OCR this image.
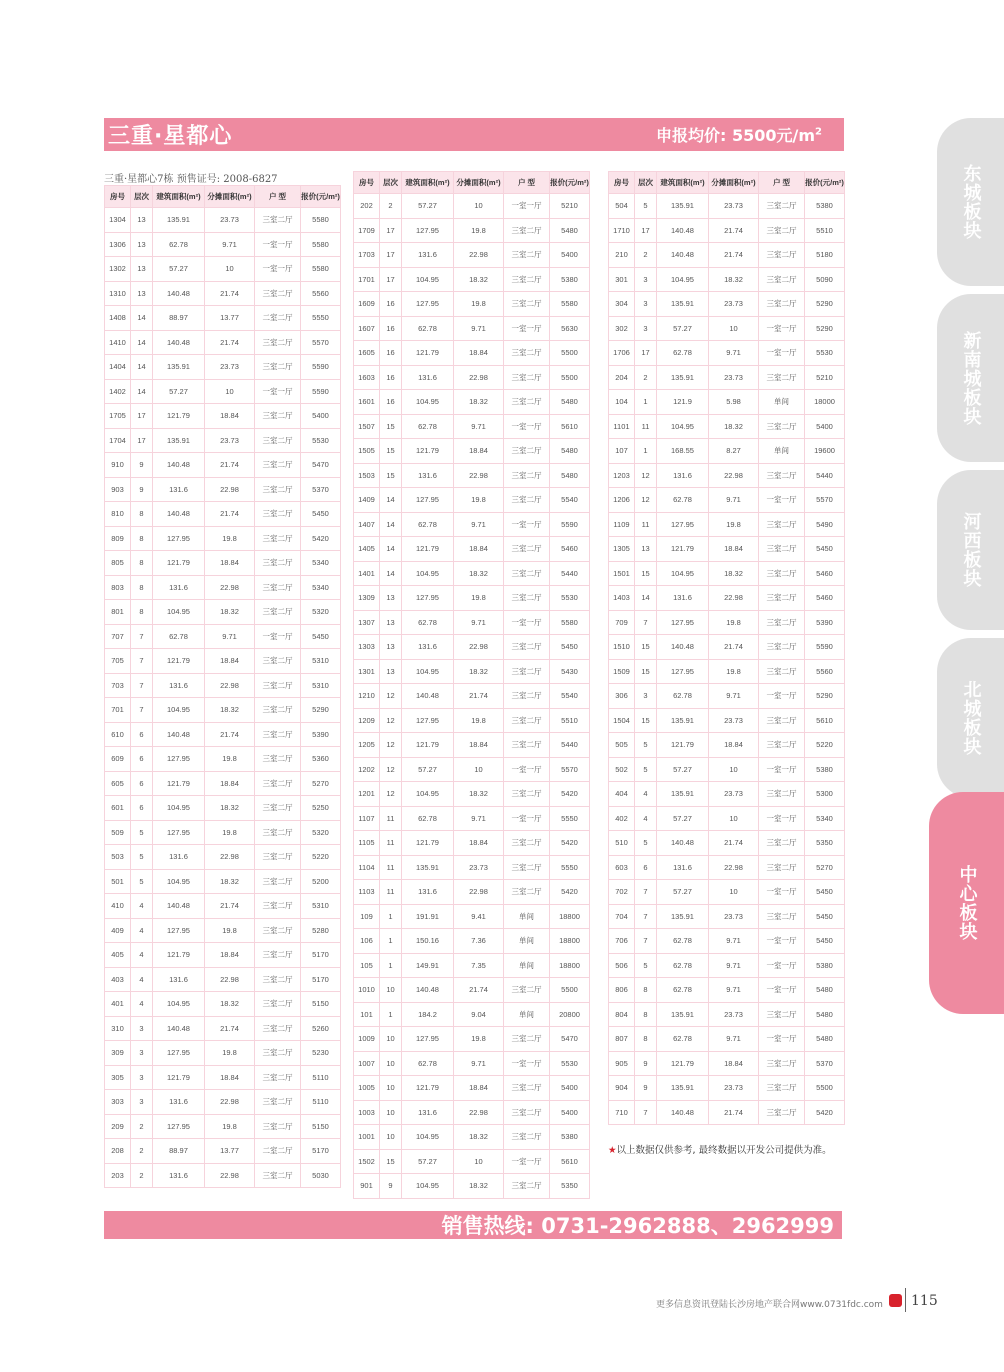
三重·星都心	申报均价: 5500元$/m^2$
三重·星都心7栋 预售证号: 2008-6827
房号	层次	建筑面积(m²)	分摊面积(m²)	户 型	报价(元/m²)
1304	13	135.91	23.73	三室二厅	5580
1306	13	62.78	9.71	一室一厅	5580
1302	13	57.27	10	一室一厅	5580
1310	13	140.48	21.74	三室二厅	5560
1408	14	88.97	13.77	二室二厅	5550
1410	14	140.48	21.74	三室二厅	5570
1404	14	135.91	23.73	三室二厅	5590
1402	14	57.27	10	一室一厅	5590
1705	17	121.79	18.84	三室二厅	5400
1704	17	135.91	23.73	三室二厅	5530
910	9	140.48	21.74	三室二厅	5470
903	9	131.6	22.98	三室二厅	5370
810	8	140.48	21.74	三室二厅	5450
809	8	127.95	19.8	三室二厅	5420
805	8	121.79	18.84	三室二厅	5340
803	8	131.6	22.98	三室二厅	5340
801	8	104.95	18.32	三室二厅	5320
707	7	62.78	9.71	一室一厅	5450
705	7	121.79	18.84	三室二厅	5310
703	7	131.6	22.98	三室二厅	5310
701	7	104.95	18.32	三室二厅	5290
610	6	140.48	21.74	三室二厅	5390
609	6	127.95	19.8	三室二厅	5360
605	6	121.79	18.84	三室二厅	5270
601	6	104.95	18.32	三室二厅	5250
509	5	127.95	19.8	三室二厅	5320
503	5	131.6	22.98	三室二厅	5220
501	5	104.95	18.32	三室二厅	5200
410	4	140.48	21.74	三室二厅	5310
409	4	127.95	19.8	三室二厅	5280
405	4	121.79	18.84	三室二厅	5170
403	4	131.6	22.98	三室二厅	5170
401	4	104.95	18.32	三室二厅	5150
310	3	140.48	21.74	三室二厅	5260
309	3	127.95	19.8	三室二厅	5230
305	3	121.79	18.84	三室二厅	5110
303	3	131.6	22.98	三室二厅	5110
209	2	127.95	19.8	三室二厅	5150
208	2	88.97	13.77	二室二厅	5170
203	2	131.6	22.98	三室二厅	5030
房号	层次	建筑面积(m²)	分摊面积(m²)	户 型	报价(元/m²)
202	2	57.27	10	一室一厅	5210
1709	17	127.95	19.8	三室二厅	5480
1703	17	131.6	22.98	三室二厅	5400
1701	17	104.95	18.32	三室二厅	5380
1609	16	127.95	19.8	三室二厅	5580
1607	16	62.78	9.71	一室一厅	5630
1605	16	121.79	18.84	三室二厅	5500
1603	16	131.6	22.98	三室二厅	5500
1601	16	104.95	18.32	三室二厅	5480
1507	15	62.78	9.71	一室一厅	5610
1505	15	121.79	18.84	三室二厅	5480
1503	15	131.6	22.98	三室二厅	5480
1409	14	127.95	19.8	三室二厅	5540
1407	14	62.78	9.71	一室一厅	5590
1405	14	121.79	18.84	三室二厅	5460
1401	14	104.95	18.32	三室二厅	5440
1309	13	127.95	19.8	三室二厅	5530
1307	13	62.78	9.71	一室一厅	5580
1303	13	131.6	22.98	三室二厅	5450
1301	13	104.95	18.32	三室二厅	5430
1210	12	140.48	21.74	三室二厅	5540
1209	12	127.95	19.8	三室二厅	5510
1205	12	121.79	18.84	三室二厅	5440
1202	12	57.27	10	一室一厅	5570
1201	12	104.95	18.32	三室二厅	5420
1107	11	62.78	9.71	一室一厅	5550
1105	11	121.79	18.84	三室二厅	5420
1104	11	135.91	23.73	三室二厅	5550
1103	11	131.6	22.98	三室二厅	5420
109	1	191.91	9.41	单间	18800
106	1	150.16	7.36	单间	18800
105	1	149.91	7.35	单间	18800
1010	10	140.48	21.74	三室二厅	5500
101	1	184.2	9.04	单间	20800
1009	10	127.95	19.8	三室二厅	5470
1007	10	62.78	9.71	一室一厅	5530
1005	10	121.79	18.84	三室二厅	5400
1003	10	131.6	22.98	三室二厅	5400
1001	10	104.95	18.32	三室二厅	5380
1502	15	57.27	10	一室一厅	5610
901	9	104.95	18.32	三室二厅	5350
房号	层次	建筑面积(m²)	分摊面积(m²)	户 型	报价(元/m²)
504	5	135.91	23.73	三室二厅	5380
1710	17	140.48	21.74	三室二厅	5510
210	2	140.48	21.74	三室二厅	5180
301	3	104.95	18.32	三室二厅	5090
304	3	135.91	23.73	三室二厅	5290
302	3	57.27	10	一室一厅	5290
1706	17	62.78	9.71	一室一厅	5530
204	2	135.91	23.73	三室二厅	5210
104	1	121.9	5.98	单间	18000
1101	11	104.95	18.32	三室二厅	5400
107	1	168.55	8.27	单间	19600
1203	12	131.6	22.98	三室二厅	5440
1206	12	62.78	9.71	一室一厅	5570
1109	11	127.95	19.8	三室二厅	5490
1305	13	121.79	18.84	三室二厅	5450
1501	15	104.95	18.32	三室二厅	5460
1403	14	131.6	22.98	三室二厅	5460
709	7	127.95	19.8	三室二厅	5390
1510	15	140.48	21.74	三室二厅	5590
1509	15	127.95	19.8	三室二厅	5560
306	3	62.78	9.71	一室一厅	5290
1504	15	135.91	23.73	三室二厅	5610
505	5	121.79	18.84	三室二厅	5220
502	5	57.27	10	一室一厅	5380
404	4	135.91	23.73	三室二厅	5300
402	4	57.27	10	一室一厅	5340
510	5	140.48	21.74	三室二厅	5350
603	6	131.6	22.98	三室二厅	5270
702	7	57.27	10	一室一厅	5450
704	7	135.91	23.73	三室二厅	5450
706	7	62.78	9.71	一室一厅	5450
506	5	62.78	9.71	一室一厅	5380
806	8	62.78	9.71	一室一厅	5480
804	8	135.91	23.73	三室二厅	5480
807	8	62.78	9.71	一室一厅	5480
905	9	121.79	18.84	三室二厅	5370
904	9	135.91	23.73	三室二厅	5500
710	7	140.48	21.74	三室二厅	5420
★以上数据仅供参考, 最终数据以开发公司提供为准。
销售热线: 0731-2962888、2962999
东城板块
新南城板块
河西板块
北城板块
中心板块
更多信息资讯登陆长沙房地产联合网www.0731fdc.com 115
